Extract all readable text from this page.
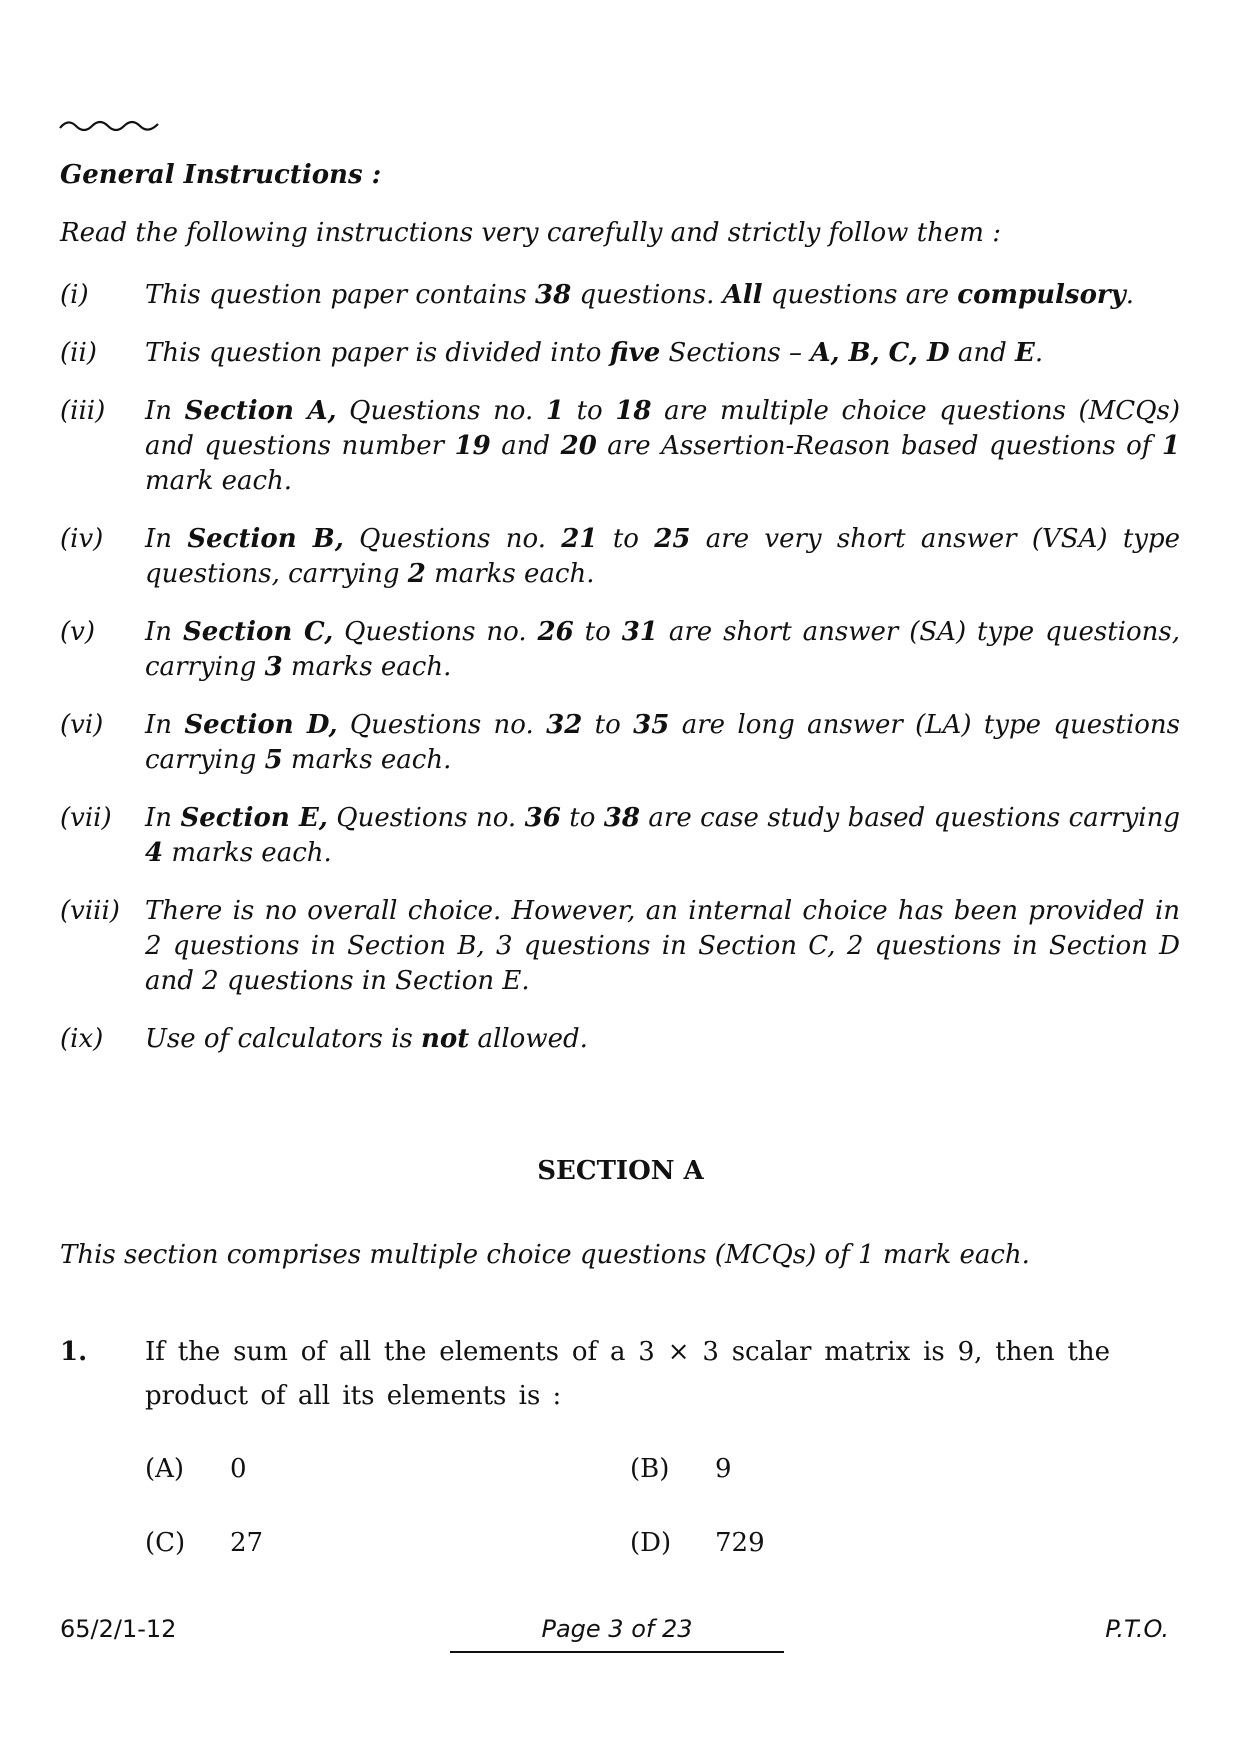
General Instructions :
Read the following instructions very carefully and strictly follow them :
(i) This question paper contains 38 questions. All questions are compulsory.
(ii) This question paper is divided into five Sections – A, B, C, D and E.
(iii) In Section A, Questions no. 1 to 18 are multiple choice questions (MCQs) and questions number 19 and 20 are Assertion-Reason based questions of 1 mark each.
(iv) In Section B, Questions no. 21 to 25 are very short answer (VSA) type questions, carrying 2 marks each.
(v) In Section C, Questions no. 26 to 31 are short answer (SA) type questions, carrying 3 marks each.
(vi) In Section D, Questions no. 32 to 35 are long answer (LA) type questions carrying 5 marks each.
(vii) In Section E, Questions no. 36 to 38 are case study based questions carrying 4 marks each.
(viii) There is no overall choice. However, an internal choice has been provided in 2 questions in Section B, 3 questions in Section C, 2 questions in Section D and 2 questions in Section E.
(ix) Use of calculators is not allowed.
SECTION A
This section comprises multiple choice questions (MCQs) of 1 mark each.
1. If the sum of all the elements of a 3 × 3 scalar matrix is 9, then the product of all its elements is :
(A) 0	(B) 9
(C) 27	(D) 729
65/2/1-12	Page 3 of 23	P.T.O.
